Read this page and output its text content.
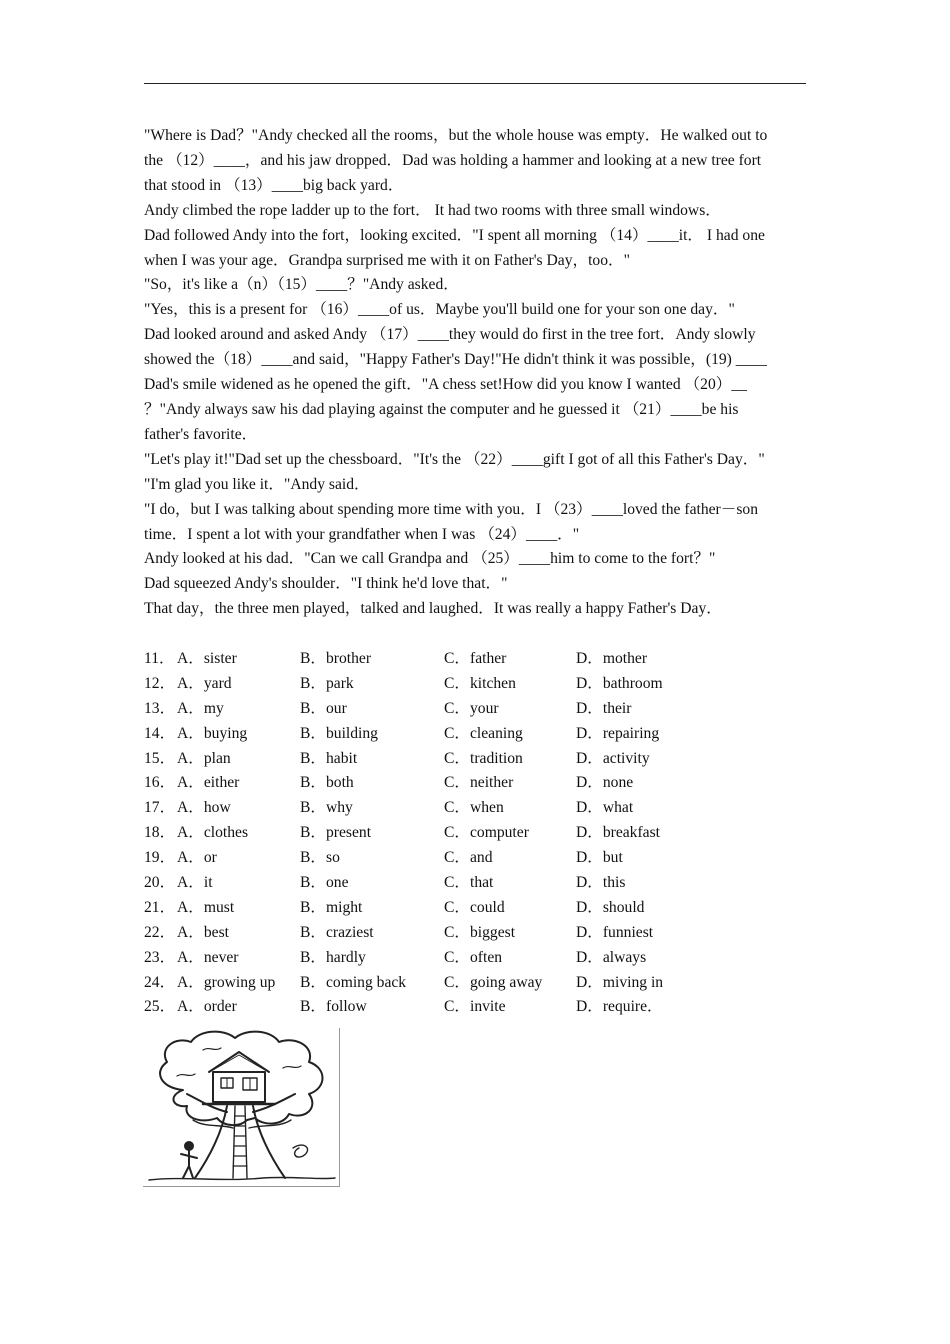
"Where is Dad？"Andy checked all the rooms，but the whole house was empty．He walked out to

the （12）____，and his jaw dropped．Dad was holding a hammer and looking at a new tree fort

that stood in （13）____big back yard．

Andy climbed the rope ladder up to the fort． It had two rooms with three small windows．

Dad followed Andy into the fort，looking excited．"I spent all morning （14）____it． I had one

when I was your age．Grandpa surprised me with it on Father's Day，too．"

"So，it's like a（n）（15）____？"Andy asked．

"Yes，this is a present for （16）____of us．Maybe you'll build one for your son one day．"

Dad looked around and asked Andy （17）____they would do first in the tree fort．Andy slowly

showed the（18）____and said，"Happy Father's Day!"He didn't think it was possible，(19) ____

Dad's smile widened as he opened the gift．"A chess set!How did you know I wanted （20）__

？"Andy always saw his dad playing against the computer and he guessed it （21）____be his

father's favorite．

"Let's play it!"Dad set up the chessboard．"It's the （22）____gift I got of all this Father's Day．"

"I'm glad you like it．"Andy said．

"I do，but I was talking about spending more time with you．I （23）____loved the father－son

time．I spent a lot with your grandfather when I was （24）____．"

Andy looked at his dad．"Can we call Grandpa and （25）____him to come to the fort？"

Dad squeezed Andy's shoulder．"I think he'd love that．"

That day，the three men played，talked and laughed．It was really a happy Father's Day．

11． A．sister	B．brother	C．father	D．mother
12． A．yard	B．park	C．kitchen	D．bathroom
13． A．my	B．our	C．your	D．their
14． A．buying	B．building	C．cleaning	D．repairing
15． A．plan	B．habit	C．tradition	D．activity
16． A．either	B．both	C．neither	D．none
17． A．how	B．why	C．when	D．what
18． A．clothes	B．present	C．computer	D．breakfast
19． A．or	B．so	C．and	D．but
20． A．it	B．one	C．that	D．this
21． A．must	B．might	C．could	D．should
22． A．best	B．craziest	C．biggest	D．funniest
23． A．never	B．hardly	C．often	D．always
24． A．growing up B．coming back C．going away D．miving in
25． A．order	B．follow	C．invite	D．require．
